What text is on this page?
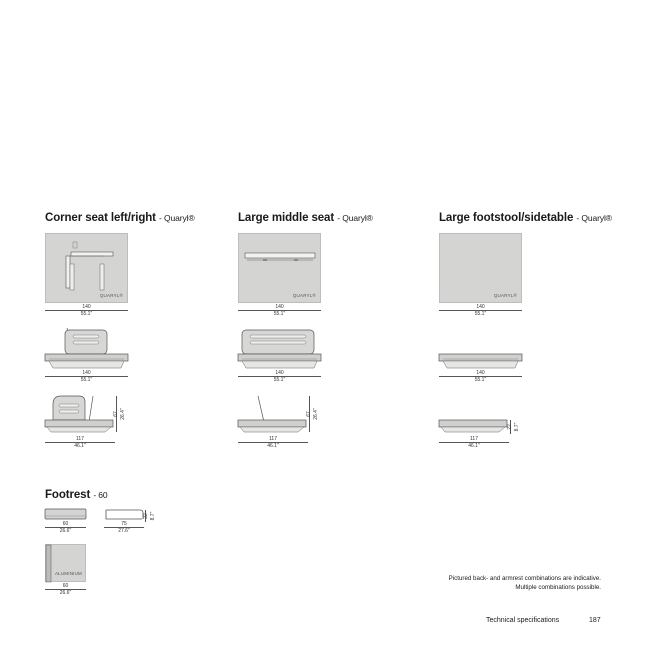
Corner seat left/right - Quaryl®
QUARYL®
140
55.1"
140
55.1"
67 26.4"
117
46.1"
Large middle seat - Quaryl®
QUARYL®
140
55.1"
140
55.1"
67 26.4"
117
46.1"
Large footstool/sidetable - Quaryl®
QUARYL®
140
55.1"
140
55.1"
22 8.7"
117
46.1"
Footrest - 60
60
26.6"
22 8.7"
75
27.6"
ALUMINIUM
60
26.6"
Pictured back- and armrest combinations are indicative.
Multiple combinations possible.
Technical specifications	187
